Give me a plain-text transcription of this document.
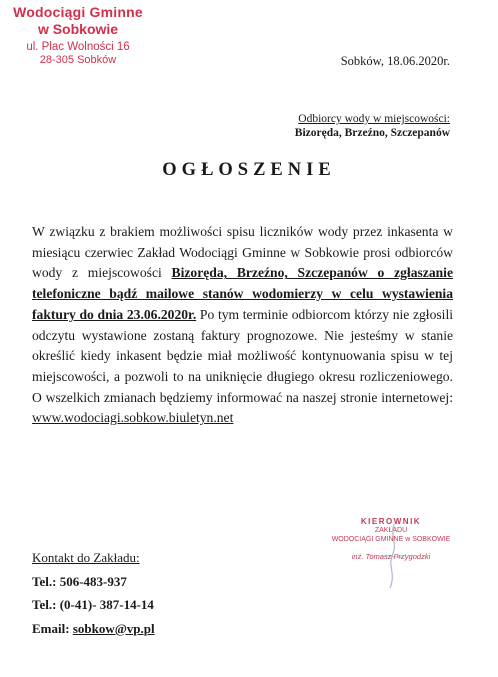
Wodociągi Gminne
w Sobkowie
ul. Plac Wolności 16
28-305 Sobków	Sobków, 18.06.2020r.
Odbiorcy wody w miejscowości:
Bizoręda, Brzeźno, Szczepanów
OGŁOSZENIE
W związku z brakiem możliwości spisu liczników wody przez inkasenta w miesiącu czerwiec Zakład Wodociągi Gminne w Sobkowie prosi odbiorców wody z miejscowości Bizoręda, Brzeźno, Szczepanów o zgłaszanie telefoniczne bądź mailowe stanów wodomierzy w celu wystawienia faktury do dnia 23.06.2020r. Po tym terminie odbiorcom którzy nie zgłosili odczytu wystawione zostaną faktury prognozowe. Nie jesteśmy w stanie określić kiedy inkasent będzie miał możliwość kontynuowania spisu w tej miejscowości, a pozwoli to na uniknięcie długiego okresu rozliczeniowego. O wszelkich zmianach będziemy informować na naszej stronie internetowej: www.wodociagi.sobkow.biuletyn.net
KIEROWNIK
ZAKŁADU
WODOCIĄGI GMINNE w SOBKOWIE
inż. Tomasz Przygodzki
Kontakt do Zakładu:
Tel.: 506-483-937
Tel.: (0-41)- 387-14-14
Email: sobkow@vp.pl
